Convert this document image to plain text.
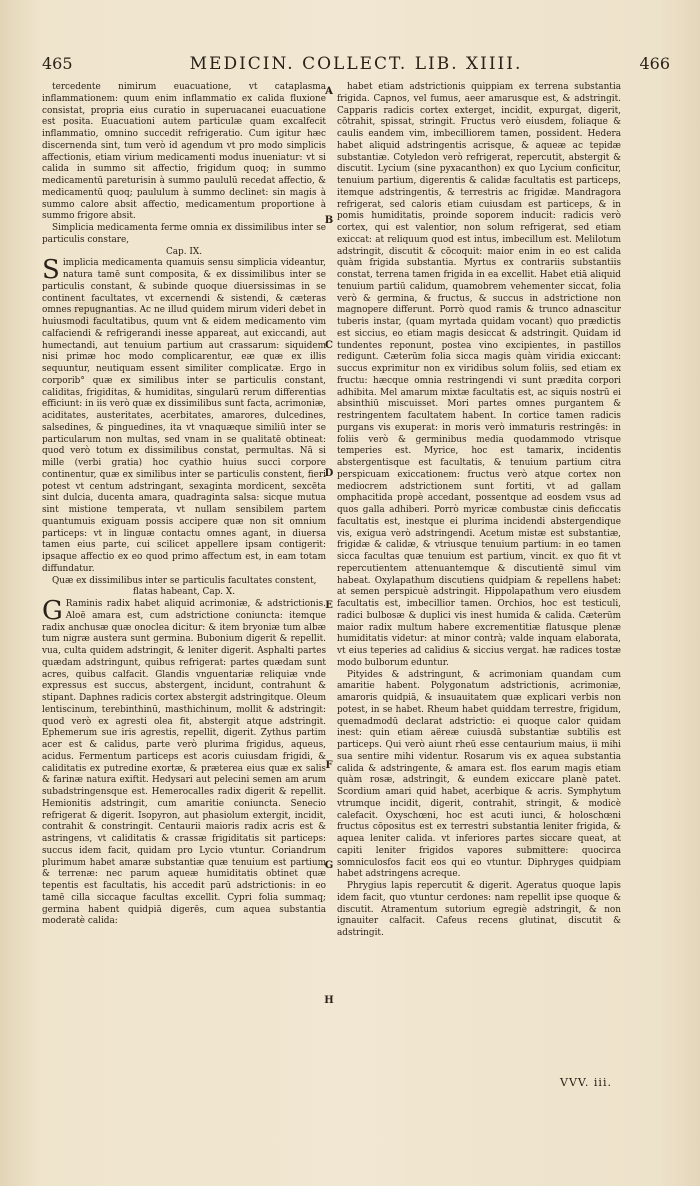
465	MEDICIN. COLLECT. LIB. XIIII.	466

tercedente nimirum euacuatione, vt cataplasma inflammationem: quum enim inflammatio ex calida fluxione consistat, propria eius curatio in superuacanei euacuatione est posita. Euacuationi autem particulæ quam excalfecit inflammatio, omnino succedit refrigeratio. Cum igitur hæc discernenda sint, tum verò id agendum vt pro modo simplicis affectionis, etiam virium medicamenti modus inueniatur: vt si calida in summo sit affectio, frigidum quoq; in summo medicamentū pareturisin à summo paululū recedat affectio, & medicamentū quoq; paululum à summo declinet: sin magis à summo calore absit affectio, medicamentum proportione à summo frigore absit.

Simplicia medicamenta ferme omnia ex dissimilibus inter se particulis constare,

Cap. IX.

Simplicia medicamenta quamuis sensu simplicia videantur, natura tamē sunt composita, & ex dissimilibus inter se particulis constant, & subinde quoque diuersissimas in se continent facultates, vt excernendi & sistendi, & cæteras omnes repugnantias. Ac ne illud quidem mirum videri debet in huiusmodi facultatibus, quum vnt & eidem medicamento vim calfaciendi & refrigerandi inesse appareat, aut exiccandi, aut humectandi, aut tenuium partium aut crassarum: siquidem nisi primæ hoc modo complicarentur, eæ quæ ex illis sequuntur, neutiquam essent similiter complicatæ. Ergo in corporib° quæ ex similibus inter se particulis constant, caliditas, frigiditas, & humiditas, singularū rerum differentias efficiunt: in iis verò quæ ex dissimilibus sunt facta, acrimoniæ, aciditates, austeritates, acerbitates, amarores, dulcedines, salsedines, & pinguedines, ita vt vnaquæque similiū inter se particularum non multas, sed vnam in se qualitatē obtineat: quod verò totum ex dissimilibus constat, permultas. Nā si mille (verbi gratia) hoc cyathio huius succi corpore continentur, quæ ex similibus inter se particulis constent, fieri potest vt centum adstringant, sexaginta mordicent, sexcēta sint dulcia, ducenta amara, quadraginta salsa: sicque mutua sint mistione temperata, vt nullam sensibilem partem quantumuis exiguam possis accipere quæ non sit omnium particeps: vt in linguæ contactu omnes agant, in diuersa tamen eius parte, cui scilicet appellere ipsam contigerit: ipsaque affectio ex eo quod primo affectum est, in eam totam diffundatur.

Quæ ex dissimilibus inter se particulis facultates constent,

flatas habeant, Cap. X.

G Raminis radix habet aliquid acrimoniæ, & adstrictionis. Aloë amara est, cum adstrictione coniuncta: itemque radix anchusæ quæ onoclea dicitur: & item bryoniæ tum albæ tum nigræ austera sunt germina. Bubonium digerit & repellit. vua, culta quidem adstringit, & leniter digerit. Asphalti partes quædam adstringunt, quibus refrigerat: partes quædam sunt acres, quibus calfacit. Glandis vnguentariæ reliquiæ vnde expressus est succus, abstergent, incidunt, contrahunt & stipant. Daphnes radicis cortex abstergit adstringitque. Oleum lentiscinum, terebinthinū, masthichinum, mollit & adstringit: quod verò ex agresti olea fit, abstergit atque adstringit. Ephemerum sue iris agrestis, repellit, digerit. Zythus partim acer est & calidus, parte verò plurima frigidus, aqueus, acidus. Fermentum particeps est acoris cuiusdam frigidi, & caliditatis ex putredine exortæ, & præterea eius quæ ex salis & farinæ natura exiftit. Hedysari aut pelecini semen am arum subadstringensque est. Hemerocalles radix digerit & repellit. Hemionitis adstringit, cum amaritie coniuncta. Senecio refrigerat & digerit. Isopyron, aut phasiolum extergit, incidit, contrahit & constringit. Centaurii maioris radix acris est & astringens, vt caliditatis & crassæ frigiditatis sit particeps: succus idem facit, quidam pro Lycio vtuntur. Coriandrum plurimum habet amaræ substantiæ quæ tenuium est partium & terrenæ: nec parum aqueæ humiditatis obtinet quæ tepentis est facultatis, his accedit parū adstrictionis: in eo tamē cilla siccaque facultas excellit. Cypri folia summaq; germina habent quidpiā digerēs, cum aquea substantia moderatè calida:

habet etiam adstrictionis quippiam ex terrena substantia frigida. Capnos, vel fumus, aeer amarusque est, & adstringit. Capparis radicis cortex exterget, incidit, expurgat, digerit, cōtrahit, spissat, stringit. Fructus verò eiusdem, foliaque & caulis eandem vim, imbecilliorem tamen, possident. Hedera habet aliquid adstringentis acrisque, & aqueæ ac tepidæ substantiæ. Cotyledon verò refrigerat, repercutit, abstergit & discutit. Lycium (sine pyxacanthon) ex quo Lycium conficitur, tenuium partium, digerentis & calidæ facultatis est particeps, itemque adstringentis, & terrestris ac frigidæ. Mandragora refrigerat, sed caloris etiam cuiusdam est particeps, & in pomis humiditatis, proinde soporem inducit: radicis verò cortex, qui est valentior, non solum refrigerat, sed etiam exiccat: at reliquum quod est intus, imbecillum est. Melilotum adstringit, discutit & cōcoquit: maior enim in eo est calida quàm frigida substantia. Myrtus ex contrariis substantiis constat, terrena tamen frigida in ea excellit. Habet etiā aliquid tenuium partiū calidum, quamobrem vehementer siccat, folia verò & germina, & fructus, & succus in adstrictione non magnopere differunt. Porrò quod ramis & trunco adnascitur tuberis instar, (quam myrtada quidam vocant) quo prædictis est siccius, eo etiam magis desiccat & adstringit. Quidam id tundentes reponunt, postea vino excipientes, in pastillos redigunt. Cæterūm folia sicca magis quàm viridia exiccant: succus exprimitur non ex viridibus solum foliis, sed etiam ex fructu: hæcque omnia restringendi vi sunt prædita corpori adhibita. Mel amarum mixtæ facultatis est, ac siquis nostrū ei absinthiū miscuisset. Mori partes omnes purgantem & restringentem facultatem habent. In cortice tamen radicis purgans vis exuperat: in moris verò immaturis restringēs: in foliis verò & germinibus media quodammodo vtrisque temperies est. Myrice, hoc est tamarix, incidentis abstergentisque est facultatis, & tenuium partium citra perspicuam exiccationem: fructus verò atque cortex non mediocrem adstrictionem sunt fortiti, vt ad gallam omphacitida propè accedant, possentque ad eosdem vsus ad quos galla adhiberi. Porrò myricæ combustæ cinis deficcatis facultatis est, inestque ei plurima incidendi abstergendique vis, exigua verò adstringendi. Acetum mistæ est substantiæ, frigidæ & calidæ, & vtriusque tenuium partium: in eo tamen sicca facultas quæ tenuium est partium, vincit. ex quo fit vt repercutientem attenuantemque & discutientē simul vim habeat. Oxylapathum discutiens quidpiam & repellens habet: at semen perspicuè adstringit. Hippolapathum vero eiusdem facultatis est, imbecillior tamen. Orchios, hoc est testiculi, radici bulbosæ & duplici vis inest humida & calida. Cæterūm maior radix multum habere excrementitiæ flatusque plenæ humiditatis videtur: at minor contrà; valde inquam elaborata, vt eius teperies ad calidius & siccius vergat. hæ radices tostæ modo bulborum eduntur.

Pityides & adstringunt, & acrimoniam quandam cum amaritie habent. Polygonatum adstrictionis, acrimoniæ, amaroris quidpiā, & insuauitatem quæ explicari verbis non potest, in se habet. Rheum habet quiddam terrestre, frigidum, quemadmodū declarat adstrictio: ei quoque calor quidam inest: quin etiam aëreæ cuiusdā substantiæ subtilis est particeps. Qui verò aiunt rheū esse centaurium maius, ii mihi sua sentire mihi videntur. Rosarum vis ex aquea substantia calida & adstringente, & amara est. flos earum magis etiam quàm rosæ, adstringit, & eundem exiccare planè patet. Scordium amari quid habet, acerbique & acris. Symphytum vtrumque incidit, digerit, contrahit, stringit, & modicè calefacit. Oxyschœni, hoc est acuti iunci, & holoschœni fructus cōpositus est ex terrestri substantia leniter frigida, & aquea leniter calida. vt inferiores partes siccare queat, at capiti leniter frigidos vapores submittere: quocirca somniculosfos facit eos qui eo vtuntur. Diphryges quidpiam habet adstringens acreque.

Phrygius lapis repercutit & digerit. Ageratus quoque lapis idem facit, quo vtuntur cerdones: nam repellit ipse quoque & discutit. Atramentum sutorium egregiè adstringit, & non ignauiter calfacit. Cafeus recens glutinat, discutit & adstringit.

A
B
C
D
E
F
G
H
VVV. iii.
